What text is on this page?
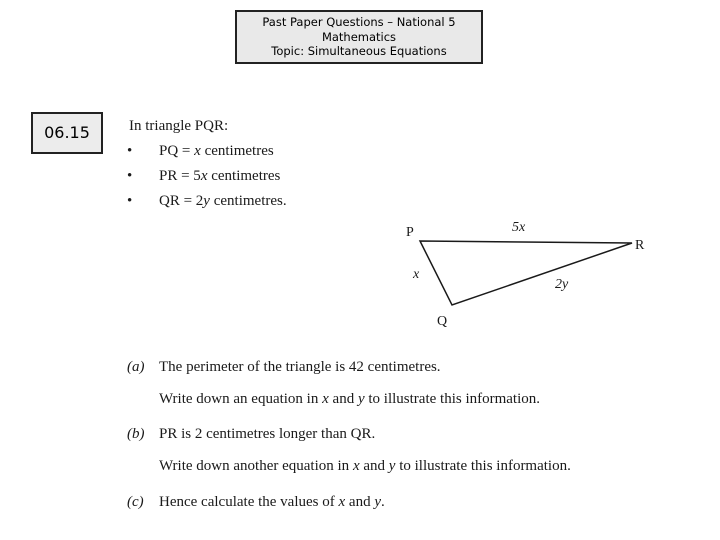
Past Paper Questions – National 5
Mathematics
Topic: Simultaneous Equations
06.15	In triangle PQR:
• PQ = x centimetres
• PR = 5x centimetres
• QR = 2y centimetres.
P
Q
R
5x
x
2y
(a) The perimeter of the triangle is 42 centimetres.
Write down an equation in x and y to illustrate this information.
(b) PR is 2 centimetres longer than QR.
Write down another equation in x and y to illustrate this information.
(c) Hence calculate the values of x and y.
